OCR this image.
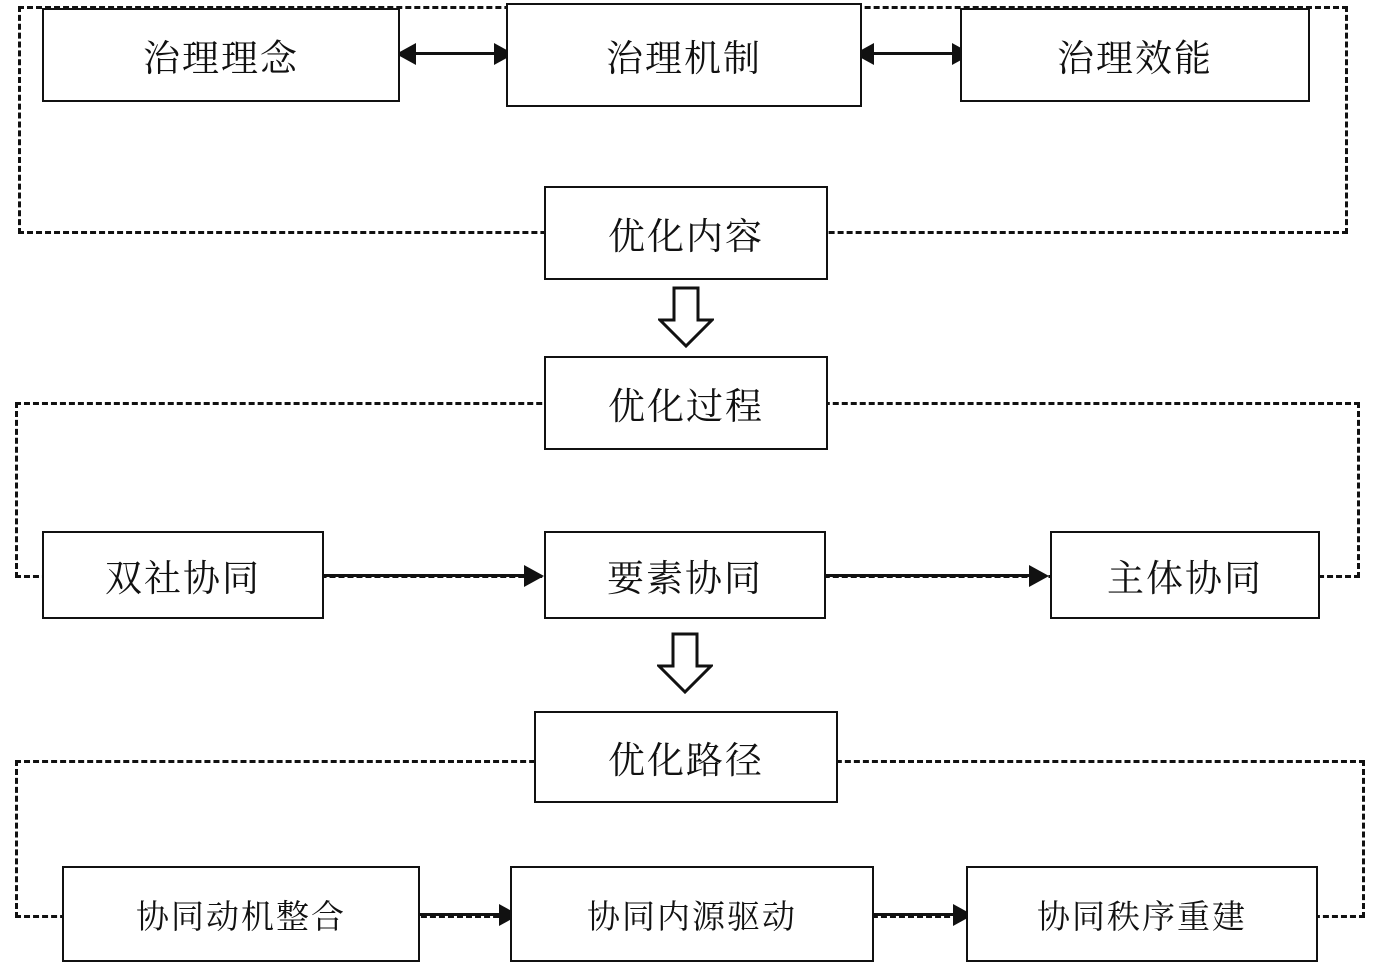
治理理念	治理机制	治理效能
优化内容
优化过程
双社协同	要素协同	主体协同
优化路径
协同动机整合	协同内源驱动	协同秩序重建
